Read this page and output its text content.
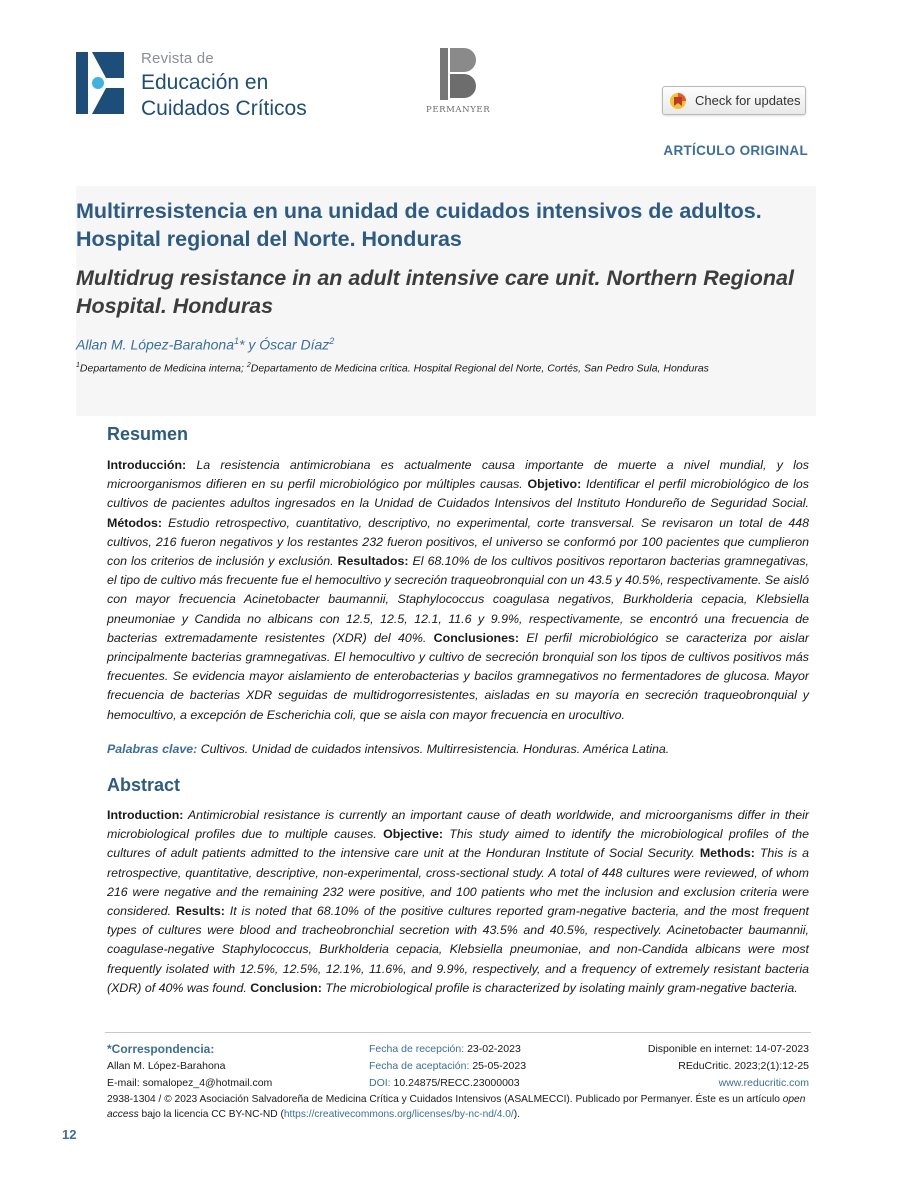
Revista de
Educación en
Cuidados Críticos	PERMANYER
Check for updates
ARTÍCULO ORIGINAL
Multirresistencia en una unidad de cuidados intensivos de adultos.
Hospital regional del Norte. Honduras
Multidrug resistance in an adult intensive care unit. Northern Regional
Hospital. Honduras
Allan M. López-Barahona$^1$* y Óscar Díaz$^2$
$^1$Departamento de Medicina interna; $^2$Departamento de Medicina crítica. Hospital Regional del Norte, Cortés, San Pedro Sula, Honduras
Resumen
Introducción: La resistencia antimicrobiana es actualmente causa importante de muerte a nivel mundial, y los microorganismos difieren en su perfil microbiológico por múltiples causas. Objetivo: Identificar el perfil microbiológico de los cultivos de pacientes adultos ingresados en la Unidad de Cuidados Intensivos del Instituto Hondureño de Seguridad Social. Métodos: Estudio retrospectivo, cuantitativo, descriptivo, no experimental, corte transversal. Se revisaron un total de 448 cultivos, 216 fueron negativos y los restantes 232 fueron positivos, el universo se conformó por 100 pacientes que cumplieron con los criterios de inclusión y exclusión. Resultados: El 68.10% de los cultivos positivos reportaron bacterias gramnegativas, el tipo de cultivo más frecuente fue el hemocultivo y secreción traqueobronquial con un 43.5 y 40.5%, respectivamente. Se aisló con mayor frecuencia Acinetobacter baumannii, Staphylococcus coagulasa negativos, Burkholderia cepacia, Klebsiella pneumoniae y Candida no albicans con 12.5, 12.5, 12.1, 11.6 y 9.9%, respectivamente, se encontró una frecuencia de bacterias extremadamente resistentes (XDR) del 40%. Conclusiones: El perfil microbiológico se caracteriza por aislar principalmente bacterias gramnegativas. El hemocultivo y cultivo de secreción bronquial son los tipos de cultivos positivos más frecuentes. Se evidencia mayor aislamiento de enterobacterias y bacilos gramnegativos no fermentadores de glucosa. Mayor frecuencia de bacterias XDR seguidas de multidrogorresistentes, aisladas en su mayoría en secreción traqueobronquial y hemocultivo, a excepción de Escherichia coli, que se aisla con mayor frecuencia en urocultivo.
Palabras clave: Cultivos. Unidad de cuidados intensivos. Multirresistencia. Honduras. América Latina.
Abstract
Introduction: Antimicrobial resistance is currently an important cause of death worldwide, and microorganisms differ in their microbiological profiles due to multiple causes. Objective: This study aimed to identify the microbiological profiles of the cultures of adult patients admitted to the intensive care unit at the Honduran Institute of Social Security. Methods: This is a retrospective, quantitative, descriptive, non-experimental, cross-sectional study. A total of 448 cultures were reviewed, of whom 216 were negative and the remaining 232 were positive, and 100 patients who met the inclusion and exclusion criteria were considered. Results: It is noted that 68.10% of the positive cultures reported gram-negative bacteria, and the most frequent types of cultures were blood and tracheobronchial secretion with 43.5% and 40.5%, respectively. Acinetobacter baumannii, coagulase-negative Staphylococcus, Burkholderia cepacia, Klebsiella pneumoniae, and non-Candida albicans were most frequently isolated with 12.5%, 12.5%, 12.1%, 11.6%, and 9.9%, respectively, and a frequency of extremely resistant bacteria (XDR) of 40% was found. Conclusion: The microbiological profile is characterized by isolating mainly gram-negative bacteria.
*Correspondencia:
Allan M. López-Barahona
E-mail: somalopez_4@hotmail.com
Fecha de recepción: 23-02-2023
Fecha de aceptación: 25-05-2023
DOI: 10.24875/RECC.23000003
Disponible en internet: 14-07-2023
REduCritic. 2023;2(1):12-25
www.reducritic.com
2938-1304 / © 2023 Asociación Salvadoreña de Medicina Crítica y Cuidados Intensivos (ASALMECCI). Publicado por Permanyer. Éste es un artículo open access bajo la licencia CC BY-NC-ND (https://creativecommons.org/licenses/by-nc-nd/4.0/).
12
